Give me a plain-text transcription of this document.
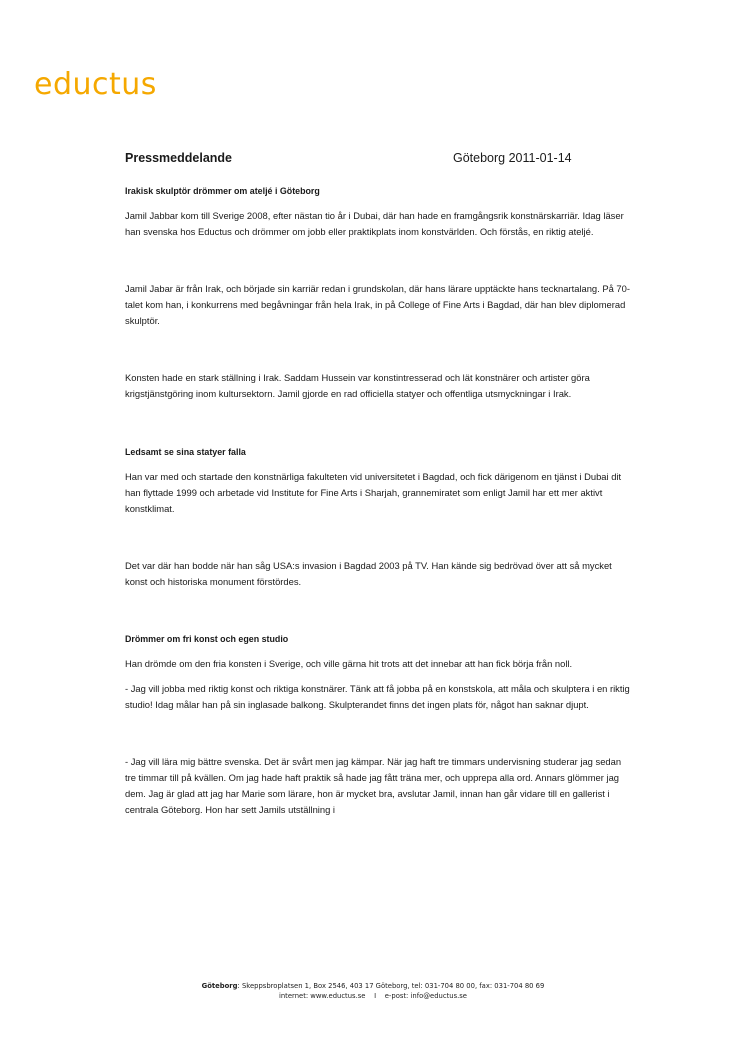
eductus
Pressmeddelande	Göteborg 2011-01-14
Irakisk skulptör drömmer om ateljé i Göteborg

Jamil Jabbar kom till Sverige 2008, efter nästan tio år i Dubai, där han hade en framgångsrik konstnärskarriär. Idag läser han svenska hos Eductus och drömmer om jobb eller praktikplats inom konstvärlden. Och förstås, en riktig ateljé.

Jamil Jabar är från Irak, och började sin karriär redan i grundskolan, där hans lärare upptäckte hans tecknartalang. På 70-talet kom han, i konkurrens med begåvningar från hela Irak, in på College of Fine Arts i Bagdad, där han blev diplomerad skulptör.

Konsten hade en stark ställning i Irak. Saddam Hussein var konstintresserad och lät konstnärer och artister göra krigstjänstgöring inom kultursektorn. Jamil gjorde en rad officiella statyer och offentliga utsmyckningar i Irak.

Ledsamt se sina statyer falla

Han var med och startade den konstnärliga fakulteten vid universitetet i Bagdad, och fick därigenom en tjänst i Dubai dit han flyttade 1999 och arbetade vid Institute for Fine Arts i Sharjah, grannemiratet som enligt Jamil har ett mer aktivt konstklimat.

Det var där han bodde när han såg USA:s invasion i Bagdad 2003 på TV. Han kände sig bedrövad över att så mycket konst och historiska monument förstördes.

Drömmer om fri konst och egen studio

Han drömde om den fria konsten i Sverige, och ville gärna hit trots att det innebar att han fick börja från noll.

- Jag vill jobba med riktig konst och riktiga konstnärer. Tänk att få jobba på en konstskola, att måla och skulptera i en riktig studio! Idag målar han på sin inglasade balkong. Skulpterandet finns det ingen plats för, något han saknar djupt.

- Jag vill lära mig bättre svenska. Det är svårt men jag kämpar. När jag haft tre timmars undervisning studerar jag sedan tre timmar till på kvällen. Om jag hade haft praktik så hade jag fått träna mer, och upprepa alla ord. Annars glömmer jag dem. Jag är glad att jag har Marie som lärare, hon är mycket bra, avslutar Jamil, innan han går vidare till en gallerist i centrala Göteborg. Hon har sett Jamils utställning i

Göteborg: Skeppsbroplatsen 1, Box 2546, 403 17 Göteborg, tel: 031-704 80 00, fax: 031-704 80 69
internet: www.eductus.se    I    e-post: info@eductus.se
